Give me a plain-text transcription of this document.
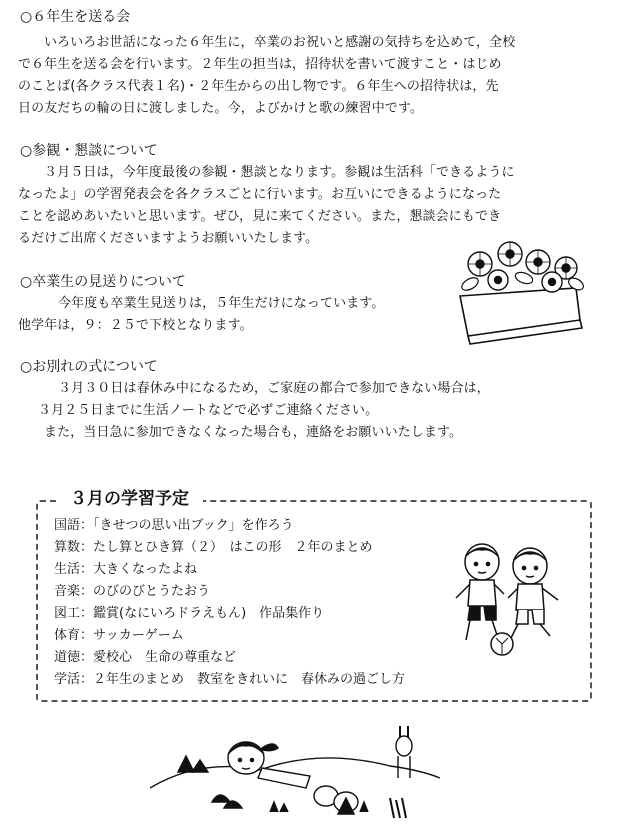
○６年生を送る会
いろいろお世話になった６年生に，卒業のお祝いと感謝の気持ちを込めて，全校
で６年生を送る会を行います。２年生の担当は，招待状を書いて渡すこと・はじめ
のことば(各クラス代表１名)・２年生からの出し物です。６年生への招待状は，先
日の友だちの輪の日に渡しました。今，よびかけと歌の練習中です。
○参観・懇談について
３月５日は，今年度最後の参観・懇談となります。参観は生活科「できるように
なったよ」の学習発表会を各クラスごとに行います。お互いにできるようになった
ことを認めあいたいと思います。ぜひ，見に来てください。また，懇談会にもでき
るだけご出席くださいますようお願いいたします。
○卒業生の見送りについて
今年度も卒業生見送りは，５年生だけになっています。
他学年は，９：２５で下校となります。
○お別れの式について
３月３０日は春休み中になるため，ご家庭の都合で参加できない場合は，
３月２５日までに生活ノートなどで必ずご連絡ください。
また，当日急に参加できなくなった場合も，連絡をお願いいたします。
３月の学習予定
国語：「きせつの思い出ブック」を作ろう
算数：たし算とひき算（２）　はこの形　２年のまとめ
生活：大きくなったよね
音楽：のびのびとうたおう
図工：鑑賞(なにいろドラえもん)　作品集作り
体育：サッカーゲーム
道徳：愛校心　生命の尊重など
学活：２年生のまとめ　教室をきれいに　春休みの過ごし方
